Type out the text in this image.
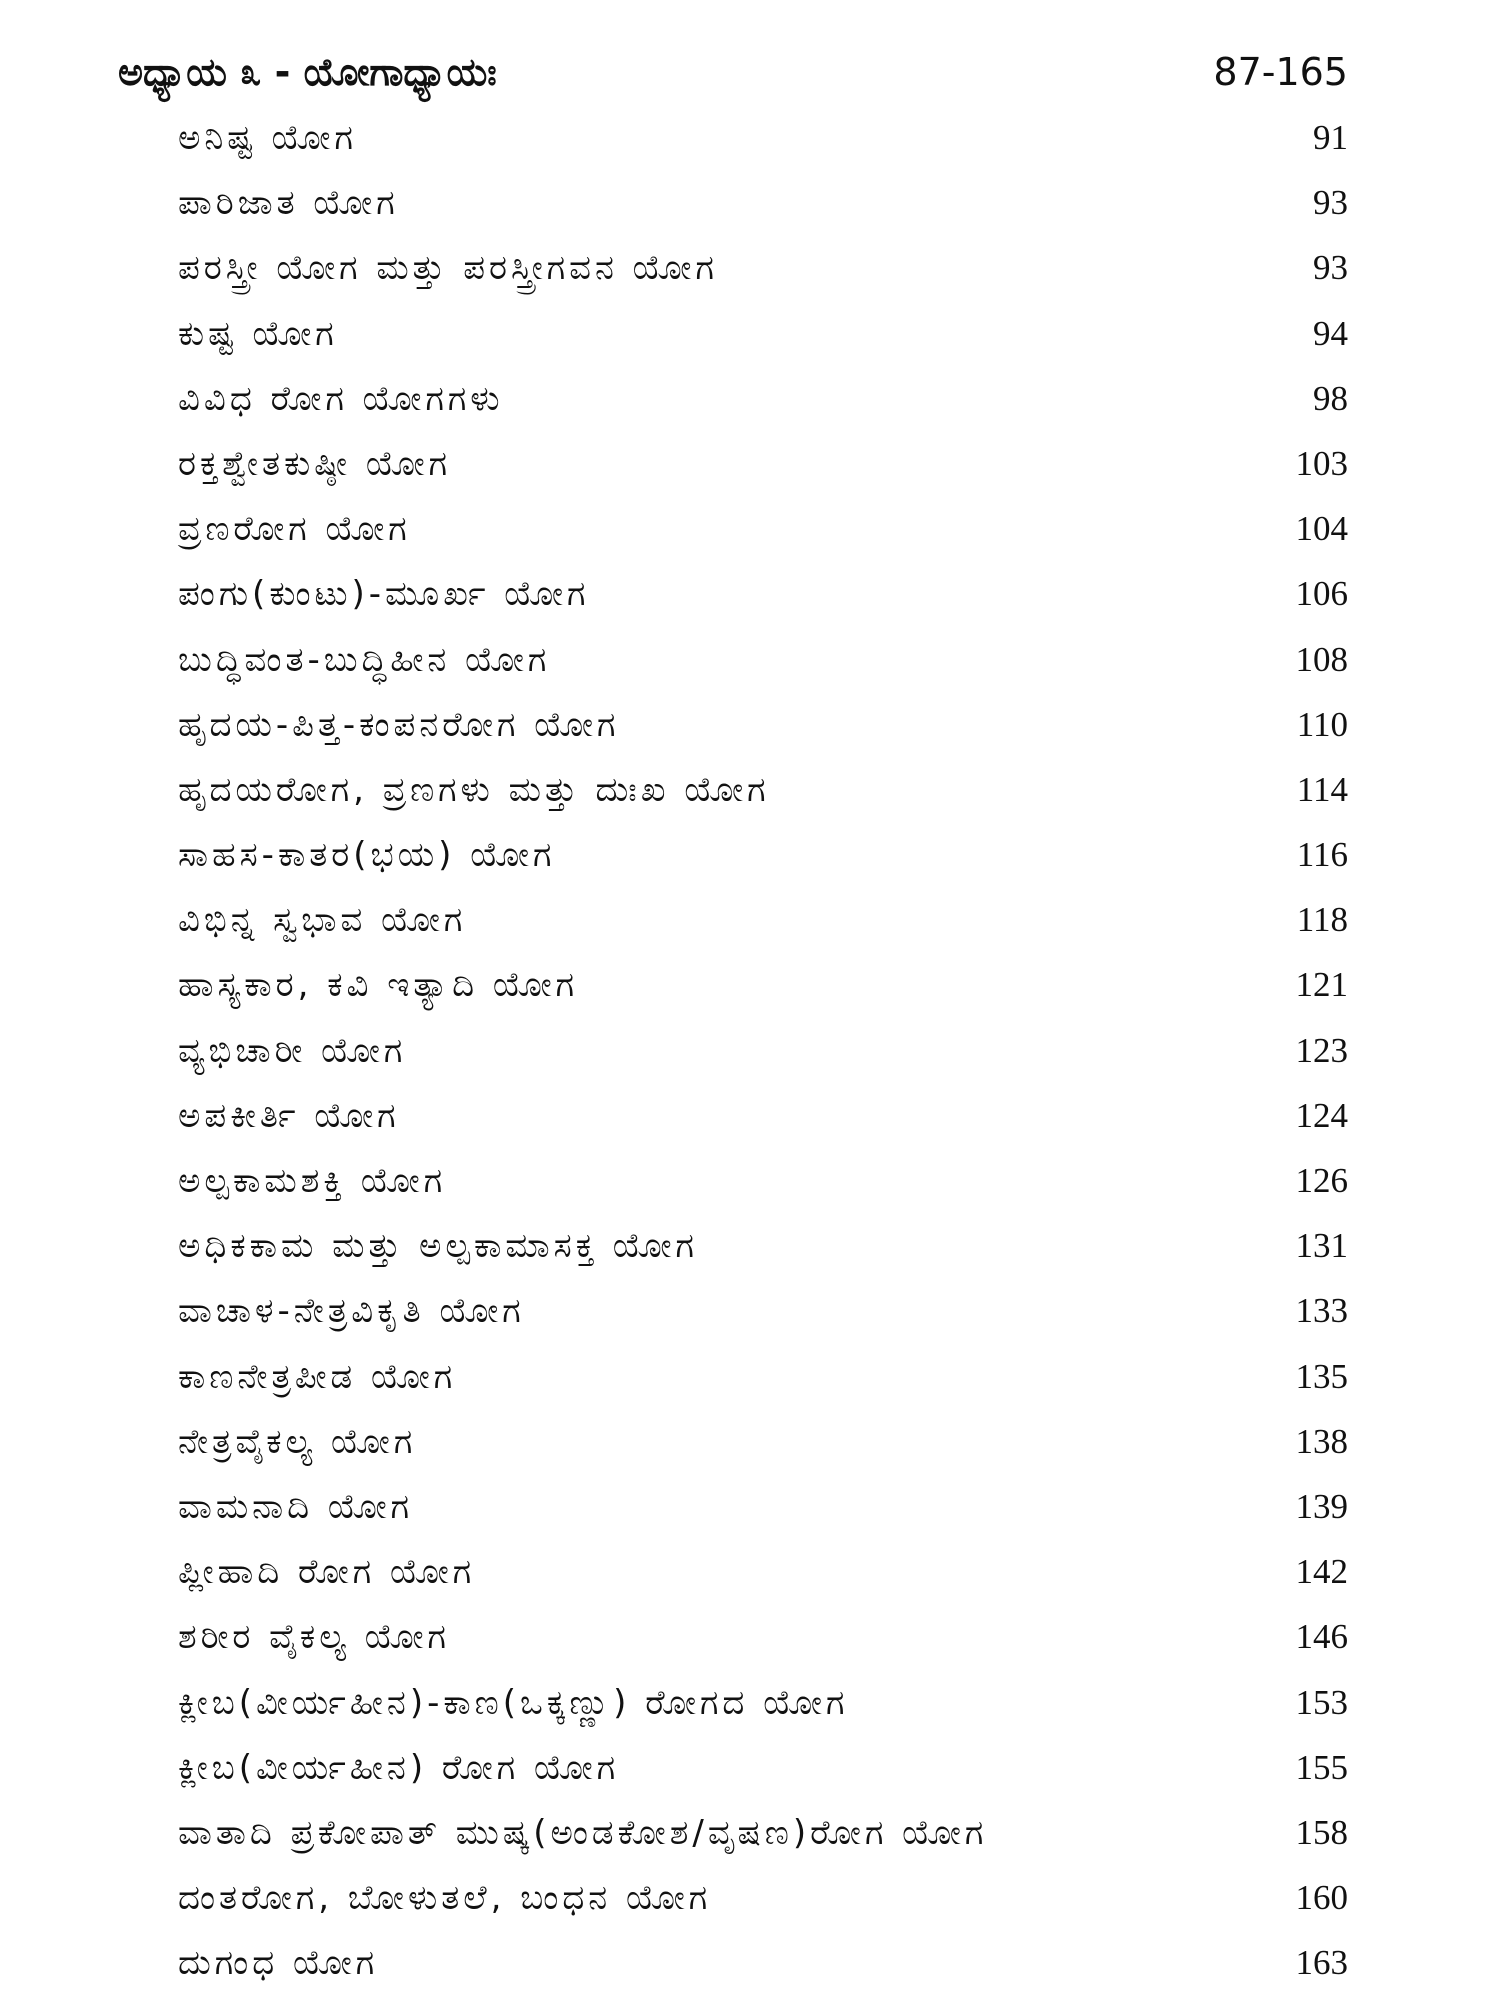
ಅಧ್ಯಾಯ ೩ - ಯೋಗಾಧ್ಯಾಯಃ	87-165
ಅನಿಷ್ಟ ಯೋಗ	91
ಪಾರಿಜಾತ ಯೋಗ	93
ಪರಸ್ತ್ರೀ ಯೋಗ ಮತ್ತು ಪರಸ್ತ್ರೀಗವನ ಯೋಗ	93
ಕುಷ್ಟ ಯೋಗ	94
ವಿವಿಧ ರೋಗ ಯೋಗಗಳು	98
ರಕ್ತಶ್ವೇತಕುಷ್ಠೀ ಯೋಗ	103
ವ್ರಣರೋಗ ಯೋಗ	104
ಪಂಗು(ಕುಂಟು)-ಮೂರ್ಖ ಯೋಗ	106
ಬುದ್ಧಿವಂತ-ಬುದ್ಧಿಹೀನ ಯೋಗ	108
ಹೃದಯ-ಪಿತ್ತ-ಕಂಪನರೋಗ ಯೋಗ	110
ಹೃದಯರೋಗ, ವ್ರಣಗಳು ಮತ್ತು ದುಃಖ ಯೋಗ	114
ಸಾಹಸ-ಕಾತರ(ಭಯ) ಯೋಗ	116
ವಿಭಿನ್ನ ಸ್ವಭಾವ ಯೋಗ	118
ಹಾಸ್ಯಕಾರ, ಕವಿ ಇತ್ಯಾದಿ ಯೋಗ	121
ವ್ಯಭಿಚಾರೀ ಯೋಗ	123
ಅಪಕೀರ್ತಿ ಯೋಗ	124
ಅಲ್ಪಕಾಮಶಕ್ತಿ ಯೋಗ	126
ಅಧಿಕಕಾಮ ಮತ್ತು ಅಲ್ಪಕಾಮಾಸಕ್ತ ಯೋಗ	131
ವಾಚಾಳ-ನೇತ್ರವಿಕೃತಿ ಯೋಗ	133
ಕಾಣನೇತ್ರಪೀಡ ಯೋಗ	135
ನೇತ್ರವೈಕಲ್ಯ ಯೋಗ	138
ವಾಮನಾದಿ ಯೋಗ	139
ಪ್ಲೀಹಾದಿ ರೋಗ ಯೋಗ	142
ಶರೀರ ವೈಕಲ್ಯ ಯೋಗ	146
ಕ್ಲೀಬ(ವೀರ್ಯಹೀನ)-ಕಾಣ(ಒಕ್ಕಣ್ಣು) ರೋಗದ ಯೋಗ	153
ಕ್ಲೀಬ(ವೀರ್ಯಹೀನ) ರೋಗ ಯೋಗ	155
ವಾತಾದಿ ಪ್ರಕೋಪಾತ್ ಮುಷ್ಕ(ಅಂಡಕೋಶ/ವೃಷಣ)ರೋಗ ಯೋಗ	158
ದಂತರೋಗ, ಬೋಳುತಲೆ, ಬಂಧನ ಯೋಗ	160
ದುಗಂಧ ಯೋಗ	163
